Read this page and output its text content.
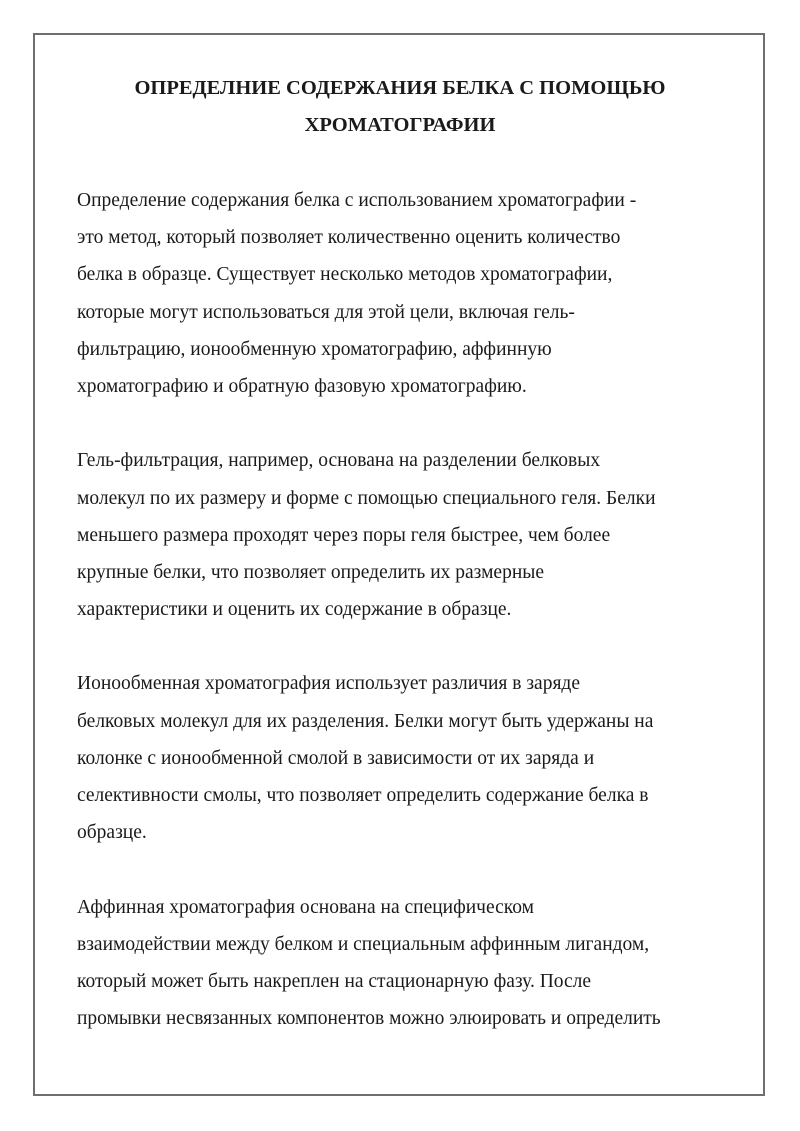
ОПРЕДЕЛНИЕ СОДЕРЖАНИЯ БЕЛКА С ПОМОЩЬЮ
ХРОМАТОГРАФИИ
Определение содержания белка с использованием хроматографии -
это метод, который позволяет количественно оценить количество
белка в образце. Существует несколько методов хроматографии,
которые могут использоваться для этой цели, включая гель-
фильтрацию, ионообменную хроматографию, аффинную
хроматографию и обратную фазовую хроматографию.
Гель-фильтрация, например, основана на разделении белковых
молекул по их размеру и форме с помощью специального геля. Белки
меньшего размера проходят через поры геля быстрее, чем более
крупные белки, что позволяет определить их размерные
характеристики и оценить их содержание в образце.
Ионообменная хроматография использует различия в заряде
белковых молекул для их разделения. Белки могут быть удержаны на
колонке с ионообменной смолой в зависимости от их заряда и
селективности смолы, что позволяет определить содержание белка в
образце.
Аффинная хроматография основана на специфическом
взаимодействии между белком и специальным аффинным лигандом,
который может быть накреплен на стационарную фазу. После
промывки несвязанных компонентов можно элюировать и определить
